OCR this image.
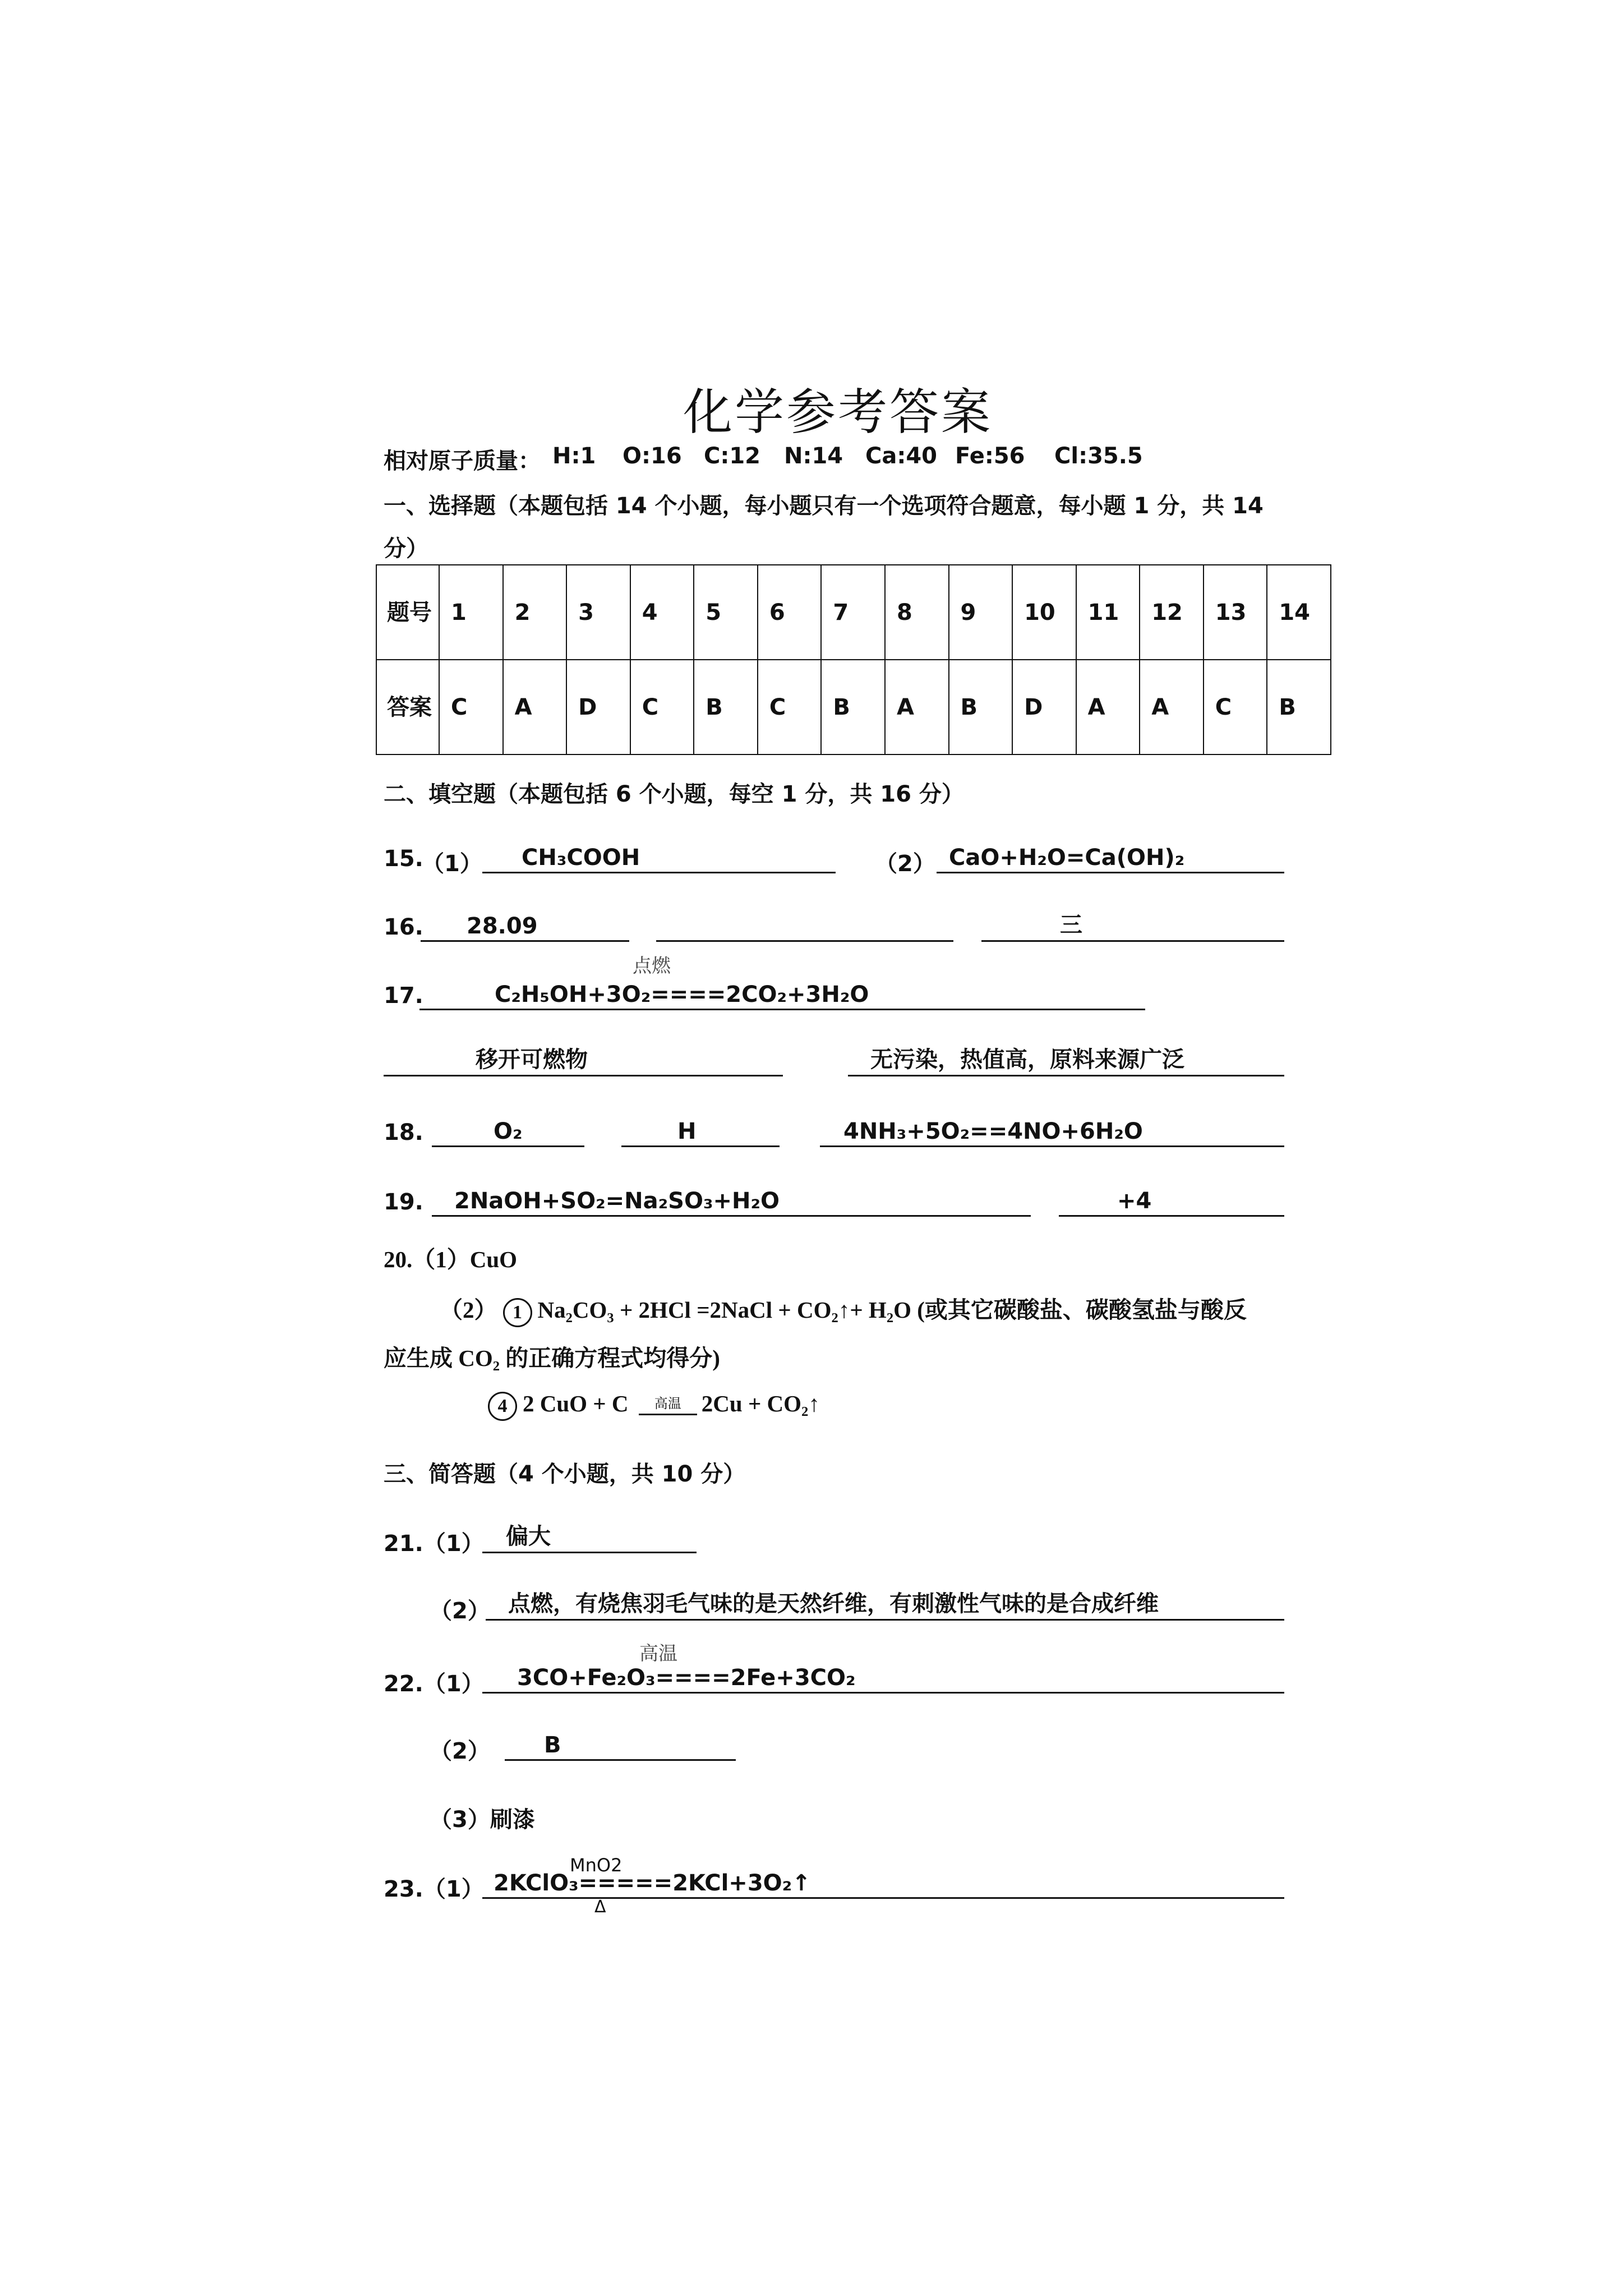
化学参考答案
相对原子质量： H:1 O:16 C:12 N:14 Ca:40 Fe:56 Cl:35.5
一、选择题（本题包括 14 个小题，每小题只有一个选项符合题意，每小题 1 分，共 14
分）
题号	1	2	3	4	5	6	7	8	9	10	11	12	13	14
答案	C	A	D	C	B	C	B	A	B	D	A	A	C	B
二、填空题（本题包括 6 个小题，每空 1 分，共 16 分）
15.
（1） CH₃COOH	（2） CaO+H₂O=Ca(OH)₂
16. 28.09	三
点燃
17.	C₂H₅OH+3O₂====2CO₂+3H₂O
移开可燃物	无污染，热值高，原料来源广泛
18.	O₂	H	4NH₃+5O₂==4NO+6H₂O
19. 2NaOH+SO₂=Na₂SO₃+H₂O	+4
20.（1）CuO
（2） 1 Na₂CO₃ + 2HCl =2NaCl + CO₂↑+ H₂O (或其它碳酸盐、碳酸氢盐与酸反
应生成 CO₂ 的正确方程式均得分)
4 2 CuO + C 高温 2Cu + CO₂↑
三、简答题（4 个小题，共 10 分）
21.（1） 偏大
（2） 点燃，有烧焦羽毛气味的是天然纤维，有刺激性气味的是合成纤维
高温
22.（1） 3CO+Fe₂O₃====2Fe+3CO₂
（2） B
（3）刷漆
MnO2
23.（1） 2KClO₃=====2KCl+3O₂↑
Δ
